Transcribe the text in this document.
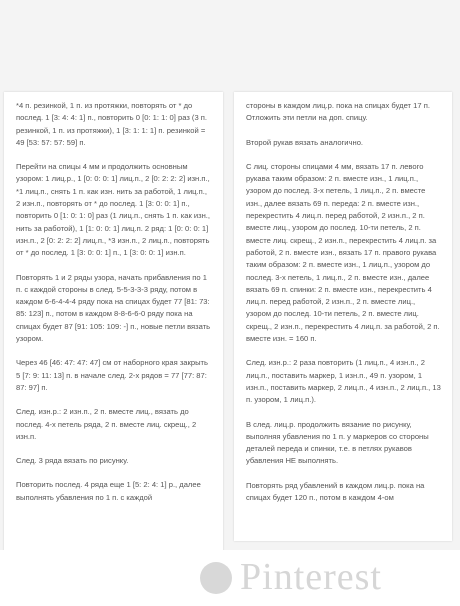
*4 п. резинкой, 1 п. из протяжки, повторять от * до послед. 1 [3: 4: 4: 1] п., повторить 0 [0: 1: 1: 0] раз (3 п. резинкой, 1 п. из протяжки), 1 [3: 1: 1: 1] п. резинкой = 49 [53: 57: 57: 59] п.

Перейти на спицы 4 мм и продолжить основным узором: 1 лиц.р., 1 [0: 0: 0: 1] лиц.п., 2 [0: 2: 2: 2] изн.п., *1 лиц.п., снять 1 п. как изн. нить за работой, 1 лиц.п., 2 изн.п., повторять от * до послед. 1 [3: 0: 0: 1] п., повторить 0 [1: 0: 1: 0] раз (1 лиц.п., снять 1 п. как изн., нить за работой), 1 [1: 0: 0: 1] лиц.п. 2 ряд: 1 [0: 0: 0: 1] изн.п., 2 [0: 2: 2: 2] лиц.п., *3 изн.п., 2 лиц.п., повторять от * до послед. 1 [3: 0: 0: 1] п., 1 [3: 0: 0: 1] изн.п.

Повторять 1 и 2 ряды узора, начать прибавления по 1 п. с каждой стороны в след. 5-5-3-3-3 ряду, потом в каждом 6-6-4-4-4 ряду пока на спицах будет 77 [81: 73: 85: 123] п., потом в каждом 8-8-6-6-0 ряду пока на спицах будет 87 [91: 105: 109: -] п., новые петли вязать узором.

Через 46 [46: 47: 47: 47] см от наборного края закрыть 5 [7: 9: 11: 13] п. в начале след. 2-х рядов = 77 [77: 87: 87: 97] п.

След. изн.р.: 2 изн.п., 2 п. вместе лиц., вязать до послед. 4-х петель ряда, 2 п. вместе лиц. скрещ., 2 изн.п.

След. 3 ряда вязать по рисунку.

Повторить послед. 4 ряда еще 1 [5: 2: 4: 1] р., далее выполнять убавления по 1 п. с каждой

стороны в каждом лиц.р. пока на спицах будет 17 п. Отложить эти петли на доп. спицу.

Второй рукав вязать аналогично.

С лиц. стороны спицами 4 мм, вязать 17 п. левого рукава таким образом: 2 п. вместе изн., 1 лиц.п., узором до послед. 3-х петель, 1 лиц.п., 2 п. вместе изн., далее вязать 69 п. переда: 2 п. вместе изн., перекрестить 4 лиц.п. перед работой, 2 изн.п., 2 п. вместе лиц., узором до послед. 10-ти петель, 2 п. вместе лиц. скрещ., 2 изн.п., перекрестить 4 лиц.п. за работой, 2 п. вместе изн., вязать 17 п. правого рукава таким образом: 2 п. вместе изн., 1 лиц.п., узором до послед. 3-х петель, 1 лиц.п., 2 п. вместе изн., далее вязать 69 п. спинки: 2 п. вместе изн., перекрестить 4 лиц.п. перед работой, 2 изн.п., 2 п. вместе лиц., узором до послед. 10-ти петель, 2 п. вместе лиц. скрещ., 2 изн.п., перекрестить 4 лиц.п. за работой, 2 п. вместе изн. = 160 п.

След. изн.р.: 2 раза повторить (1 лиц.п., 4 изн.п., 2 лиц.п., поставить маркер, 1 изн.п., 49 п. узором, 1 изн.п., поставить маркер, 2 лиц.п., 4 изн.п., 2 лиц.п., 13 п. узором, 1 лиц.п.).

В след. лиц.р. продолжить вязание по рисунку, выполняя убавления по 1 п. у маркеров со стороны деталей переда и спинки, т.е. в петлях рукавов убавления НЕ выполнять.

Повторять ряд убавлений в каждом лиц.р. пока на спицах будет 120 п., потом в каждом 4-ом

Pinterest
